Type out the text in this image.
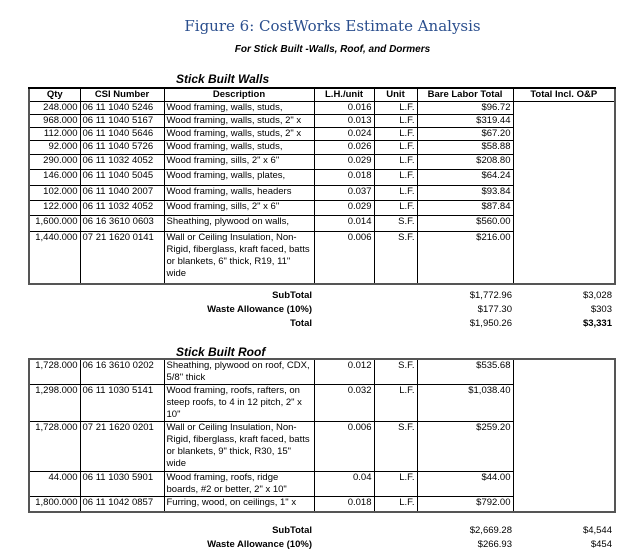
Figure 6: CostWorks Estimate Analysis
For Stick Built -Walls, Roof, and Dormers
Stick Built Walls
Qty	CSI Number	Description	L.H./unit	Unit	Bare Labor Total	Total Incl. O&P
248.000	06 11 1040 5246	Wood framing, walls, studs,	0.016	L.F.	$96.72	
968.000	06 11 1040 5167	Wood framing, walls, studs, 2" x	0.013	L.F.	$319.44	
112.000	06 11 1040 5646	Wood framing, walls, studs, 2" x	0.024	L.F.	$67.20	
92.000	06 11 1040 5726	Wood framing, walls, studs,	0.026	L.F.	$58.88	
290.000	06 11 1032 4052	Wood framing, sills, 2" x 6"	0.029	L.F.	$208.80	
146.000	06 11 1040 5045	Wood framing, walls, plates,	0.018	L.F.	$64.24	
102.000	06 11 1040 2007	Wood framing, walls, headers	0.037	L.F.	$93.84	
122.000	06 11 1032 4052	Wood framing, sills, 2" x 6"	0.029	L.F.	$87.84	
1,600.000	06 16 3610 0603	Sheathing, plywood on walls,	0.014	S.F.	$560.00	
1,440.000	07 21 1620 0141	Wall or Ceiling Insulation, Non-Rigid, fiberglass, kraft faced, batts or blankets, 6" thick, R19, 11" wide	0.006	S.F.	$216.00	
SubTotal	$1,772.96	$3,028
Waste Allowance (10%)	$177.30	$303
Total	$1,950.26	$3,331
Stick Built Roof
1,728.000	06 16 3610 0202	Sheathing, plywood on roof, CDX, 5/8" thick	0.012	S.F.	$535.68	
1,298.000	06 11 1030 5141	Wood framing, roofs, rafters, on steep roofs, to 4 in 12 pitch, 2" x 10"	0.032	L.F.	$1,038.40	
1,728.000	07 21 1620 0201	Wall or Ceiling Insulation, Non-Rigid, fiberglass, kraft faced, batts or blankets, 9" thick, R30, 15" wide	0.006	S.F.	$259.20	
44.000	06 11 1030 5901	Wood framing, roofs, ridge boards, #2 or better, 2" x 10"	0.04	L.F.	$44.00	
1,800.000	06 11 1042 0857	Furring, wood, on ceilings, 1" x	0.018	L.F.	$792.00	
SubTotal	$2,669.28	$4,544
Waste Allowance (10%)	$266.93	$454
